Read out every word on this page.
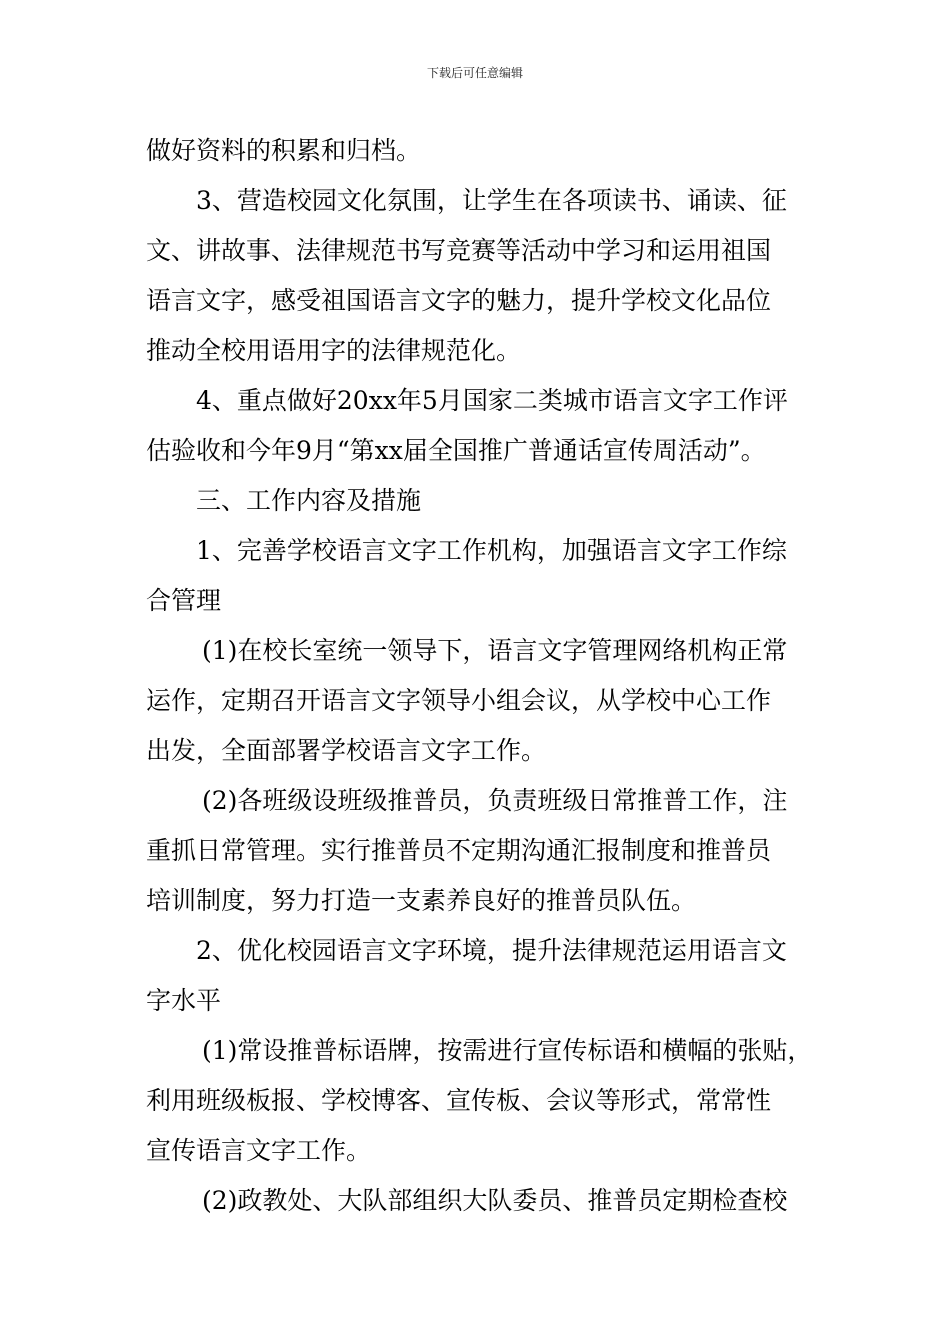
下载后可任意编辑
做好资料的积累和归档。
3、营造校园文化氛围，让学生在各项读书、诵读、征
文、讲故事、法律规范书写竞赛等活动中学习和运用祖国
语言文字，感受祖国语言文字的魅力，提升学校文化品位
推动全校用语用字的法律规范化。
4、重点做好20xx年5月国家二类城市语言文字工作评
估验收和今年9月“第xx届全国推广普通话宣传周活动”。
三、工作内容及措施
1、完善学校语言文字工作机构，加强语言文字工作综
合管理
(1)在校长室统一领导下，语言文字管理网络机构正常
运作，定期召开语言文字领导小组会议，从学校中心工作
出发，全面部署学校语言文字工作。
(2)各班级设班级推普员，负责班级日常推普工作，注
重抓日常管理。实行推普员不定期沟通汇报制度和推普员
培训制度，努力打造一支素养良好的推普员队伍。
2、优化校园语言文字环境，提升法律规范运用语言文
字水平
(1)常设推普标语牌，按需进行宣传标语和横幅的张贴，
利用班级板报、学校博客、宣传板、会议等形式，常常性
宣传语言文字工作。
(2)政教处、大队部组织大队委员、推普员定期检查校
